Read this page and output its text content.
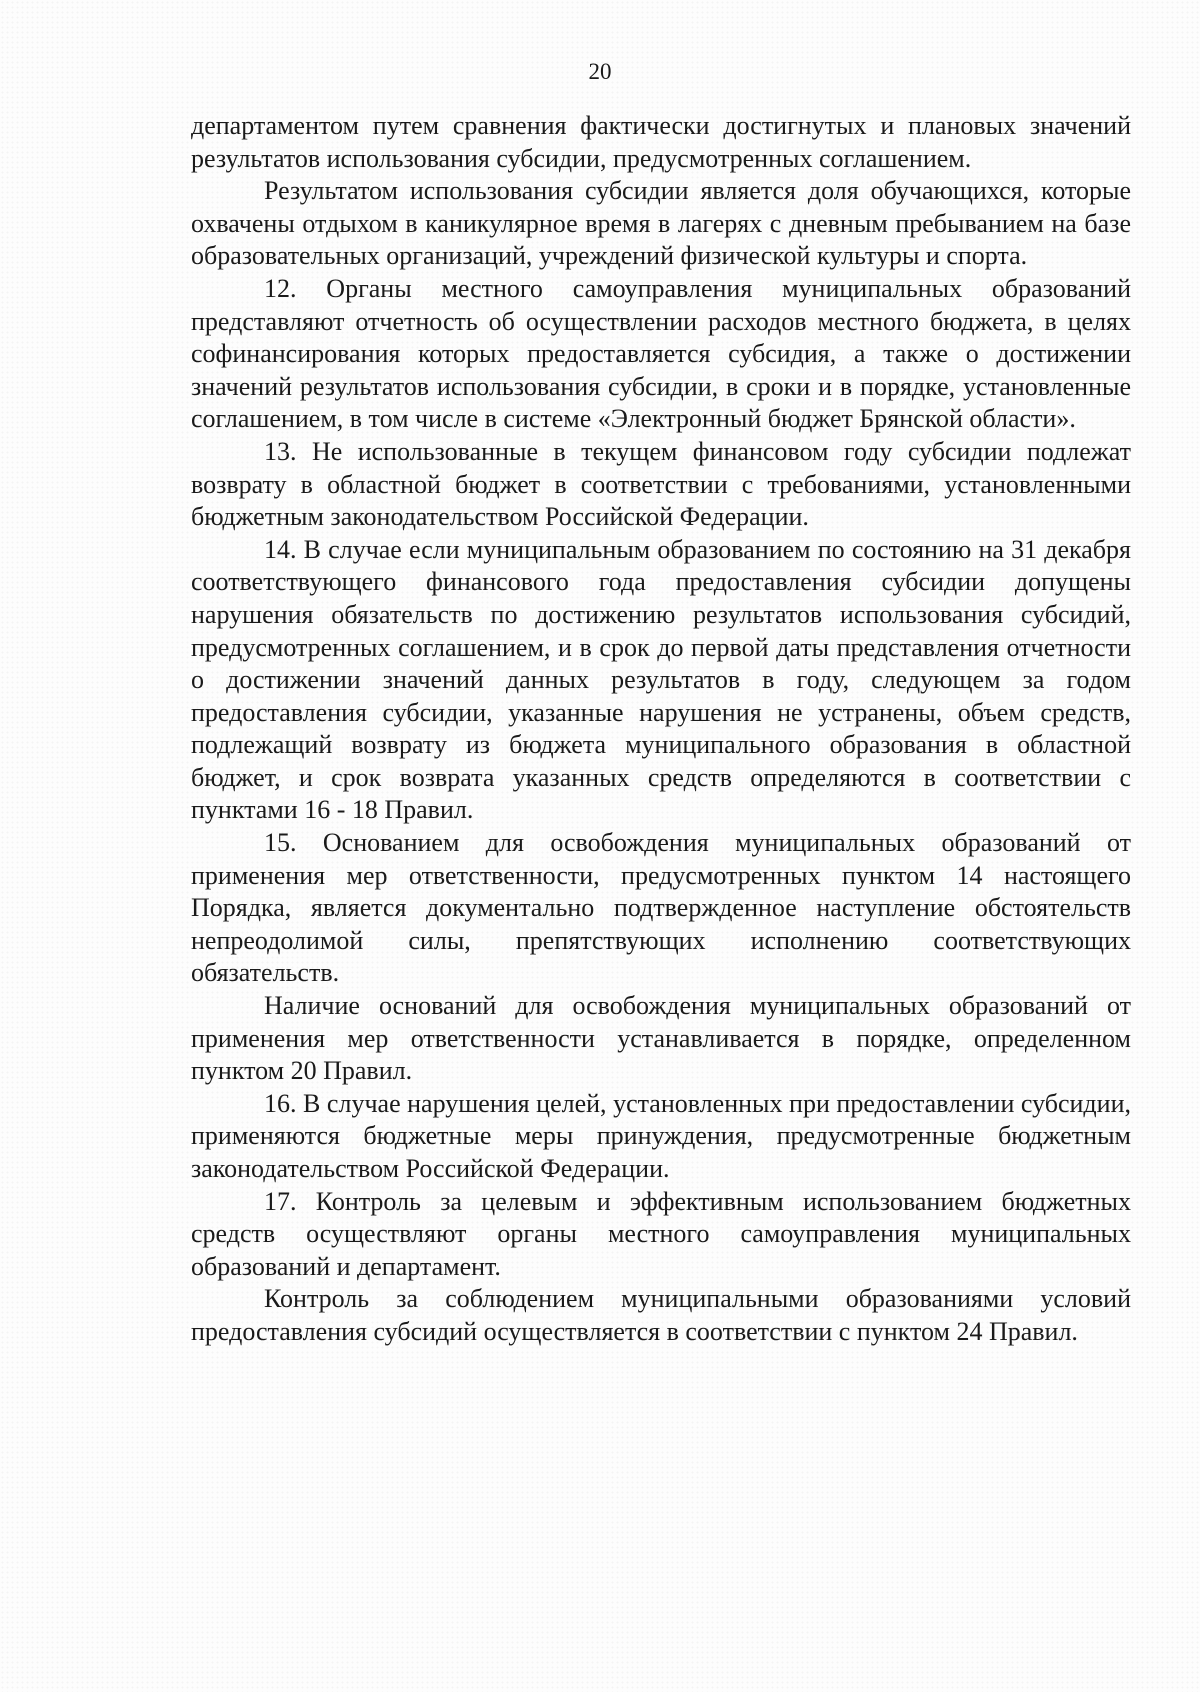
20

департаментом путем сравнения фактически достигнутых и плановых значений результатов использования субсидии, предусмотренных соглашением.

Результатом использования субсидии является доля обучающихся, которые охвачены отдыхом в каникулярное время в лагерях с дневным пребыванием на базе образовательных организаций, учреждений физической культуры и спорта.

12. Органы местного самоуправления муниципальных образований представляют отчетность об осуществлении расходов местного бюджета, в целях софинансирования которых предоставляется субсидия, а также о достижении значений результатов использования субсидии, в сроки и в порядке, установленные соглашением, в том числе в системе «Электронный бюджет Брянской области».

13. Не использованные в текущем финансовом году субсидии подлежат возврату в областной бюджет в соответствии с требованиями, установленными бюджетным законодательством Российской Федерации.

14. В случае если муниципальным образованием по состоянию на 31 декабря соответствующего финансового года предоставления субсидии допущены нарушения обязательств по достижению результатов использования субсидий, предусмотренных соглашением, и в срок до первой даты представления отчетности о достижении значений данных результатов в году, следующем за годом предоставления субсидии, указанные нарушения не устранены, объем средств, подлежащий возврату из бюджета муниципального образования в областной бюджет, и срок возврата указанных средств определяются в соответствии с пунктами 16 - 18 Правил.

15. Основанием для освобождения муниципальных образований от применения мер ответственности, предусмотренных пунктом 14 настоящего Порядка, является документально подтвержденное наступление обстоятельств непреодолимой силы, препятствующих исполнению соответствующих обязательств.

Наличие оснований для освобождения муниципальных образований от применения мер ответственности устанавливается в порядке, определенном пунктом 20 Правил.

16. В случае нарушения целей, установленных при предоставлении субсидии, применяются бюджетные меры принуждения, предусмотренные бюджетным законодательством Российской Федерации.

17. Контроль за целевым и эффективным использованием бюджетных средств осуществляют органы местного самоуправления муниципальных образований и департамент.

Контроль за соблюдением муниципальными образованиями условий предоставления субсидий осуществляется в соответствии с пунктом 24 Правил.
